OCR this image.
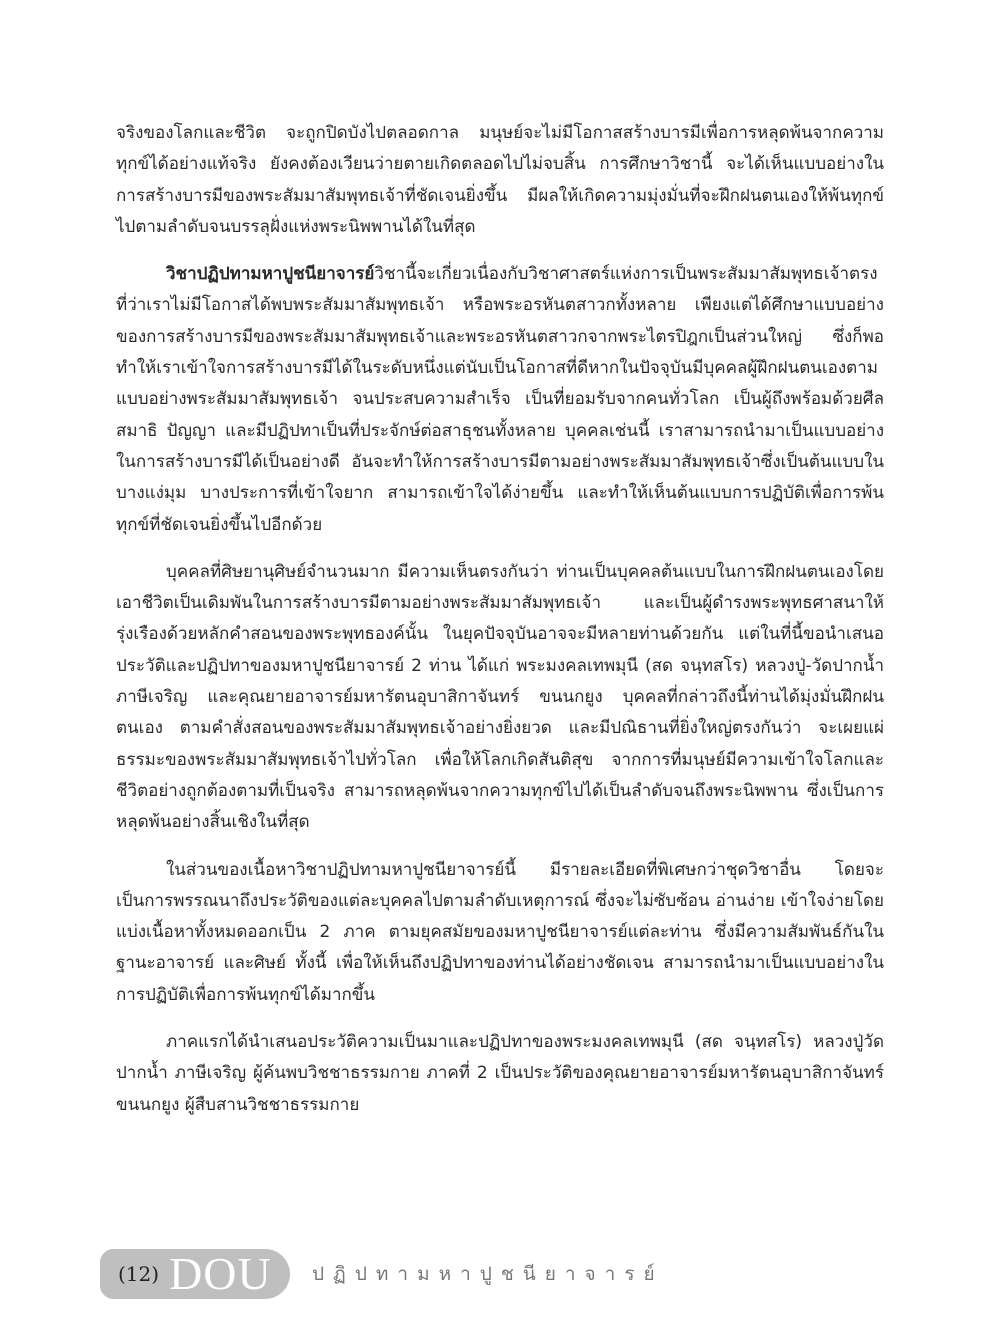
จริงของโลกและชีวิต จะถูกปิดบังไปตลอดกาล มนุษย์จะไม่มีโอกาสสร้างบารมีเพื่อการหลุดพ้นจากความทุกข์ได้อย่างแท้จริง ยังคงต้องเวียนว่ายตายเกิดตลอดไปไม่จบสิ้น การศึกษาวิชานี้ จะได้เห็นแบบอย่างในการสร้างบารมีของพระสัมมาสัมพุทธเจ้าที่ชัดเจนยิ่งขึ้น มีผลให้เกิดความมุ่งมั่นที่จะฝึกฝนตนเองให้พ้นทุกข์ไปตามลำดับจนบรรลุฝั่งแห่งพระนิพพานได้ในที่สุด

วิชาปฏิปทามหาปูชนียาจารย์วิชานี้จะเกี่ยวเนื่องกับวิชาศาสตร์แห่งการเป็นพระสัมมาสัมพุทธเจ้าตรงที่ว่าเราไม่มีโอกาสได้พบพระสัมมาสัมพุทธเจ้า หรือพระอรหันตสาวกทั้งหลาย เพียงแต่ได้ศึกษาแบบอย่างของการสร้างบารมีของพระสัมมาสัมพุทธเจ้าและพระอรหันตสาวกจากพระไตรปิฎกเป็นส่วนใหญ่ ซึ่งก็พอทำให้เราเข้าใจการสร้างบารมีได้ในระดับหนึ่งแต่นับเป็นโอกาสที่ดีหากในปัจจุบันมีบุคคลผู้ฝึกฝนตนเองตามแบบอย่างพระสัมมาสัมพุทธเจ้า จนประสบความสำเร็จ เป็นที่ยอมรับจากคนทั่วโลก เป็นผู้ถึงพร้อมด้วยศีล สมาธิ ปัญญา และมีปฏิปทาเป็นที่ประจักษ์ต่อสาธุชนทั้งหลาย บุคคลเช่นนี้ เราสามารถนำมาเป็นแบบอย่างในการสร้างบารมีได้เป็นอย่างดี อันจะทำให้การสร้างบารมีตามอย่างพระสัมมาสัมพุทธเจ้าซึ่งเป็นต้นแบบในบางแง่มุม บางประการที่เข้าใจยาก สามารถเข้าใจได้ง่ายขึ้น และทำให้เห็นต้นแบบการปฏิบัติเพื่อการพ้นทุกข์ที่ชัดเจนยิ่งขึ้นไปอีกด้วย

บุคคลที่ศิษยานุศิษย์จำนวนมาก มีความเห็นตรงกันว่า ท่านเป็นบุคคลต้นแบบในการฝึกฝนตนเองโดยเอาชีวิตเป็นเดิมพันในการสร้างบารมีตามอย่างพระสัมมาสัมพุทธเจ้า และเป็นผู้ดำรงพระพุทธศาสนาให้รุ่งเรืองด้วยหลักคำสอนของพระพุทธองค์นั้น ในยุคปัจจุบันอาจจะมีหลายท่านด้วยกัน แต่ในที่นี้ขอนำเสนอประวัติและปฏิปทาของมหาปูชนียาจารย์ 2 ท่าน ได้แก่ พระมงคลเทพมุนี (สด จนฺทสโร) หลวงปู่-วัดปากน้ำ ภาษีเจริญ และคุณยายอาจารย์มหารัตนอุบาสิกาจันทร์ ขนนกยูง บุคคลที่กล่าวถึงนี้ท่านได้มุ่งมั่นฝึกฝนตนเอง ตามคำสั่งสอนของพระสัมมาสัมพุทธเจ้าอย่างยิ่งยวด และมีปณิธานที่ยิ่งใหญ่ตรงกันว่า จะเผยแผ่ธรรมะของพระสัมมาสัมพุทธเจ้าไปทั่วโลก เพื่อให้โลกเกิดสันติสุข จากการที่มนุษย์มีความเข้าใจโลกและชีวิตอย่างถูกต้องตามที่เป็นจริง สามารถหลุดพ้นจากความทุกข์ไปได้เป็นลำดับจนถึงพระนิพพาน ซึ่งเป็นการหลุดพ้นอย่างสิ้นเชิงในที่สุด

ในส่วนของเนื้อหาวิชาปฏิปทามหาปูชนียาจารย์นี้ มีรายละเอียดที่พิเศษกว่าชุดวิชาอื่น โดยจะเป็นการพรรณนาถึงประวัติของแต่ละบุคคลไปตามลำดับเหตุการณ์ ซึ่งจะไม่ซับซ้อน อ่านง่าย เข้าใจง่ายโดยแบ่งเนื้อหาทั้งหมดออกเป็น 2 ภาค ตามยุคสมัยของมหาปูชนียาจารย์แต่ละท่าน ซึ่งมีความสัมพันธ์กันในฐานะอาจารย์ และศิษย์ ทั้งนี้ เพื่อให้เห็นถึงปฏิปทาของท่านได้อย่างชัดเจน สามารถนำมาเป็นแบบอย่างในการปฏิบัติเพื่อการพ้นทุกข์ได้มากขึ้น

ภาคแรกได้นำเสนอประวัติความเป็นมาและปฏิปทาของพระมงคลเทพมุนี (สด จนฺทสโร) หลวงปู่วัดปากน้ำ ภาษีเจริญ ผู้ค้นพบวิชชาธรรมกาย ภาคที่ 2 เป็นประวัติของคุณยายอาจารย์มหารัตนอุบาสิกาจันทร์ ขนนกยูง ผู้สืบสานวิชชาธรรมกาย

(12) DOU ปฏิปทามหาปูชนียาจารย์
